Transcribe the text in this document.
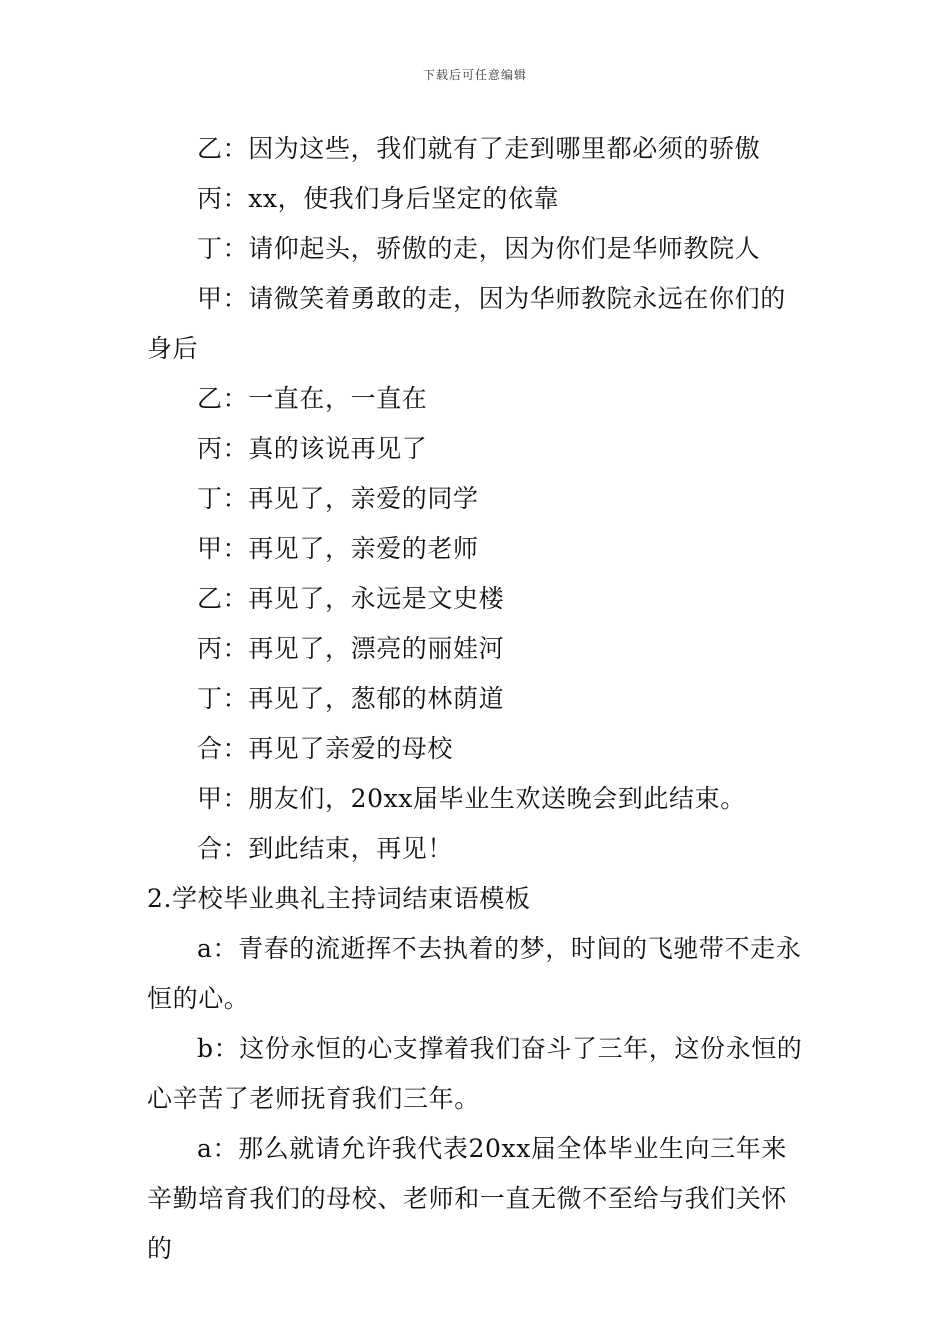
下载后可任意编辑

乙：因为这些，我们就有了走到哪里都必须的骄傲

丙：xx，使我们身后坚定的依靠

丁：请仰起头，骄傲的走，因为你们是华师教院人

甲：请微笑着勇敢的走，因为华师教院永远在你们的身后

乙：一直在，一直在

丙：真的该说再见了

丁：再见了，亲爱的同学

甲：再见了，亲爱的老师

乙：再见了，永远是文史楼

丙：再见了，漂亮的丽娃河

丁：再见了，葱郁的林荫道

合：再见了亲爱的母校

甲：朋友们，20xx届毕业生欢送晚会到此结束。

合：到此结束，再见！

2.学校毕业典礼主持词结束语模板

a：青春的流逝挥不去执着的梦，时间的飞驰带不走永恒的心。

b：这份永恒的心支撑着我们奋斗了三年，这份永恒的心辛苦了老师抚育我们三年。

a：那么就请允许我代表20xx届全体毕业生向三年来辛勤培育我们的母校、老师和一直无微不至给与我们关怀的
